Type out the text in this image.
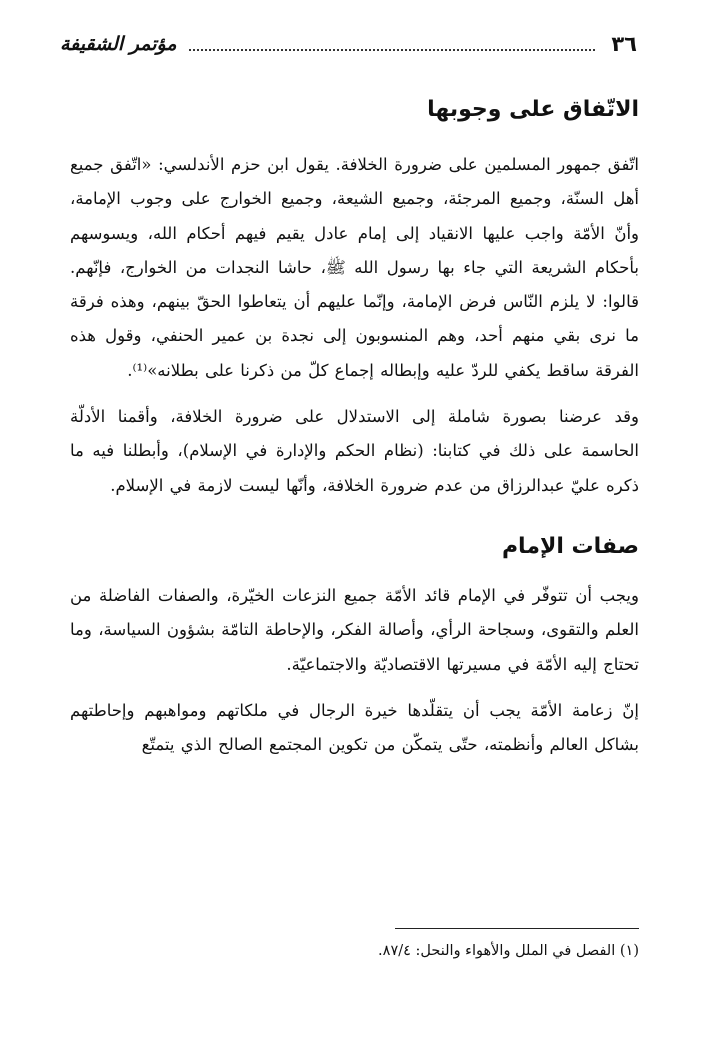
٣٦
مؤتمر الشقيفة
الاتّفاق على وجوبها

اتّفق جمهور المسلمين على ضرورة الخلافة. يقول ابن حزم الأندلسي: «اتّفق جميع أهل السنّة، وجميع المرجئة، وجميع الشيعة، وجميع الخوارج على وجوب الإمامة، وأنّ الأمّة واجب عليها الانقياد إلى إمام عادل يقيم فيهم أحكام الله، ويسوسهم بأحكام الشريعة التي جاء بها رسول الله ﷺ، حاشا النجدات من الخوارج، فإنّهم. قالوا: لا يلزم النّاس فرض الإمامة، وإنّما عليهم أن يتعاطوا الحقّ بينهم، وهذه فرقة ما نرى بقي منهم أحد، وهم المنسوبون إلى نجدة بن عمير الحنفي، وقول هذه الفرقة ساقط يكفي للردّ عليه وإبطاله إجماع كلّ من ذكرنا على بطلانه»⁽¹⁾.

وقد عرضنا بصورة شاملة إلى الاستدلال على ضرورة الخلافة، وأقمنا الأدلّة الحاسمة على ذلك في كتابنا: (نظام الحكم والإدارة في الإسلام)، وأبطلنا فيه ما ذكره عليّ عبدالرزاق من عدم ضرورة الخلافة، وأنّها ليست لازمة في الإسلام.

صفات الإمام

ويجب أن تتوفّر في الإمام قائد الأمّة جميع النزعات الخيّرة، والصفات الفاضلة من العلم والتقوى، وسجاحة الرأي، وأصالة الفكر، والإحاطة التامّة بشؤون السياسة، وما تحتاج إليه الأمّة في مسيرتها الاقتصاديّة والاجتماعيّة.

إنّ زعامة الأمّة يجب أن يتقلّدها خيرة الرجال في ملكاتهم ومواهبهم وإحاطتهم بشاكل العالم وأنظمته، حتّى يتمكّن من تكوين المجتمع الصالح الذي يتمتّع

(١) الفصل في الملل والأهواء والنحل: ٨٧/٤.
